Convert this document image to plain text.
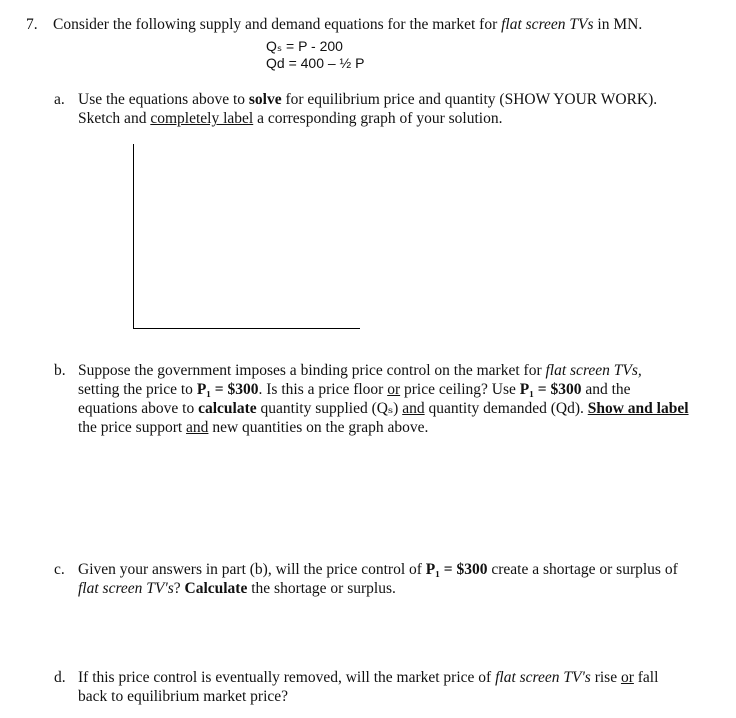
7. Consider the following supply and demand equations for the market for flat screen TVs in MN.
Qₛ = P - 200
Qd = 400 – ½ P
a. Use the equations above to solve for equilibrium price and quantity (SHOW YOUR WORK).
Sketch and completely label a corresponding graph of your solution.
b. Suppose the government imposes a binding price control on the market for flat screen TVs,
setting the price to P₁ = $300. Is this a price floor or price ceiling? Use P₁ = $300 and the
equations above to calculate quantity supplied (Qₛ) and quantity demanded (Qd). Show and label
the price support and new quantities on the graph above.
c. Given your answers in part (b), will the price control of P₁ = $300 create a shortage or surplus of
flat screen TV's? Calculate the shortage or surplus.
d. If this price control is eventually removed, will the market price of flat screen TV's rise or fall
back to equilibrium market price?
